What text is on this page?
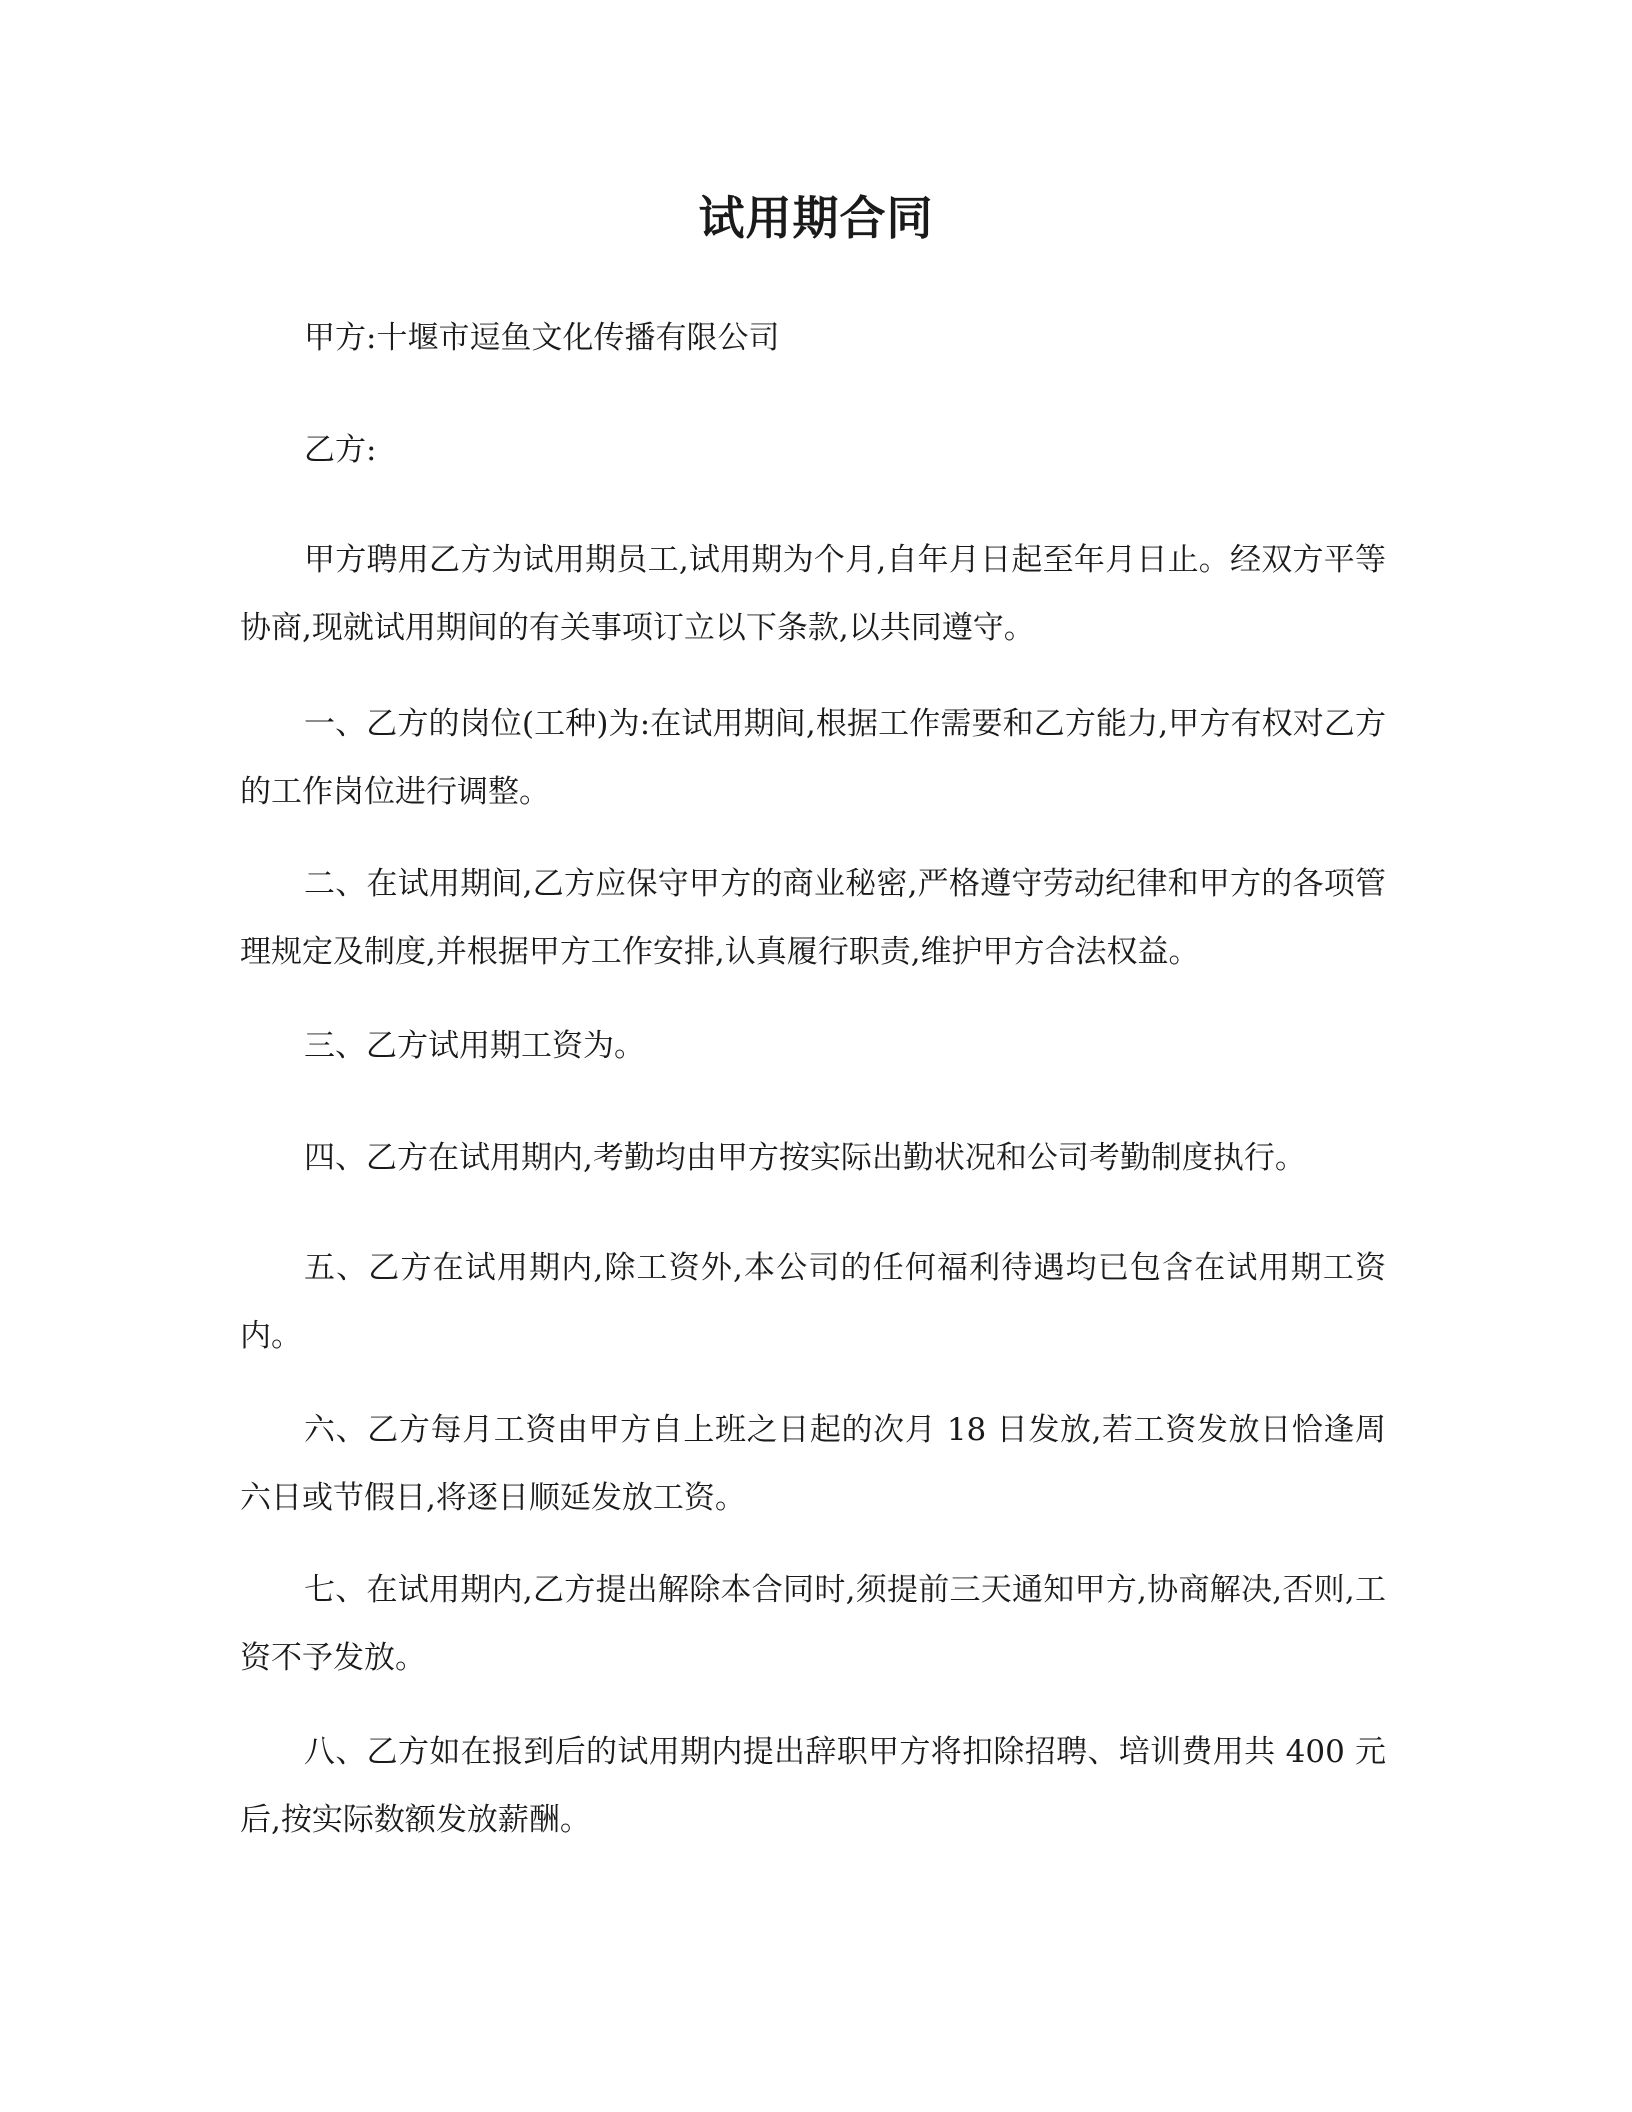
试用期合同

甲方:十堰市逗鱼文化传播有限公司

乙方:

甲方聘用乙方为试用期员工,试用期为个月,自年月日起至年月日止。经双方平等协商,现就试用期间的有关事项订立以下条款,以共同遵守。

一、乙方的岗位(工种)为:在试用期间,根据工作需要和乙方能力,甲方有权对乙方的工作岗位进行调整。

二、在试用期间,乙方应保守甲方的商业秘密,严格遵守劳动纪律和甲方的各项管理规定及制度,并根据甲方工作安排,认真履行职责,维护甲方合法权益。

三、乙方试用期工资为。

四、乙方在试用期内,考勤均由甲方按实际出勤状况和公司考勤制度执行。

五、乙方在试用期内,除工资外,本公司的任何福利待遇均已包含在试用期工资内。

六、乙方每月工资由甲方自上班之日起的次月 18 日发放,若工资发放日恰逢周六日或节假日,将逐日顺延发放工资。

七、在试用期内,乙方提出解除本合同时,须提前三天通知甲方,协商解决,否则,工资不予发放。

八、乙方如在报到后的试用期内提出辞职甲方将扣除招聘、培训费用共 400 元后,按实际数额发放薪酬。
